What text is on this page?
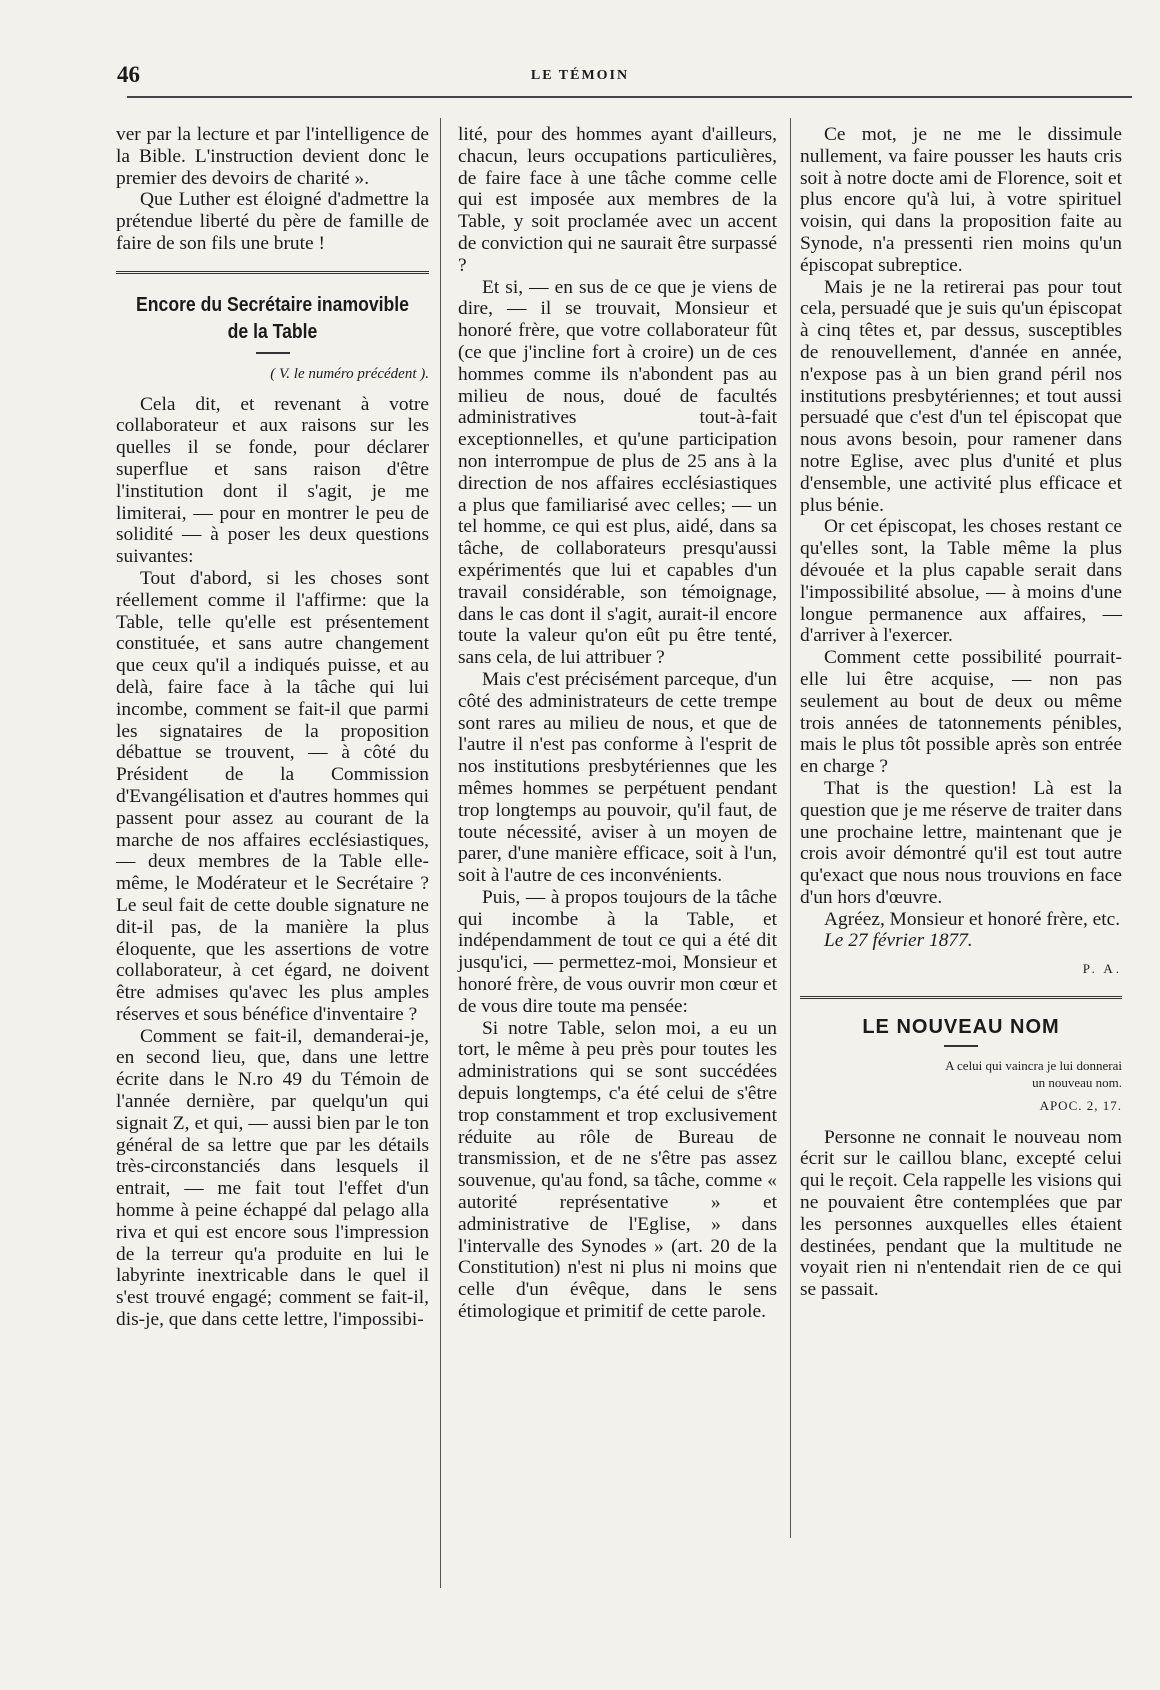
46	LE TÉMOIN

ver par la lecture et par l'intelligence de la Bible. L'instruction devient donc le premier des devoirs de charité ».

Que Luther est éloigné d'admettre la prétendue liberté du père de famille de faire de son fils une brute !

Encore du Secrétaire inamovible
de la Table
( V. le numéro précédent ).

Cela dit, et revenant à votre collaborateur et aux raisons sur les quelles il se fonde, pour déclarer superflue et sans raison d'être l'institution dont il s'agit, je me limiterai, — pour en montrer le peu de solidité — à poser les deux questions suivantes:

Tout d'abord, si les choses sont réellement comme il l'affirme: que la Table, telle qu'elle est présentement constituée, et sans autre changement que ceux qu'il a indiqués puisse, et au delà, faire face à la tâche qui lui incombe, comment se fait-il que parmi les signataires de la proposition débattue se trouvent, — à côté du Président de la Commission d'Evangélisation et d'autres hommes qui passent pour assez au courant de la marche de nos affaires ecclésiastiques, — deux membres de la Table elle-même, le Modérateur et le Secrétaire ? Le seul fait de cette double signature ne dit-il pas, de la manière la plus éloquente, que les assertions de votre collaborateur, à cet égard, ne doivent être admises qu'avec les plus amples réserves et sous bénéfice d'inventaire ?

Comment se fait-il, demanderai-je, en second lieu, que, dans une lettre écrite dans le N.ro 49 du Témoin de l'année dernière, par quelqu'un qui signait Z, et qui, — aussi bien par le ton général de sa lettre que par les détails très-circonstanciés dans lesquels il entrait, — me fait tout l'effet d'un homme à peine échappé dal pelago alla riva et qui est encore sous l'impression de la terreur qu'a produite en lui le labyrinte inextricable dans le quel il s'est trouvé engagé; comment se fait-il, dis-je, que dans cette lettre, l'impossibi-

lité, pour des hommes ayant d'ailleurs, chacun, leurs occupations particulières, de faire face à une tâche comme celle qui est imposée aux membres de la Table, y soit proclamée avec un accent de conviction qui ne saurait être surpassé ?

Et si, — en sus de ce que je viens de dire, — il se trouvait, Monsieur et honoré frère, que votre collaborateur fût (ce que j'incline fort à croire) un de ces hommes comme ils n'abondent pas au milieu de nous, doué de facultés administratives tout-à-fait exceptionnelles, et qu'une participation non interrompue de plus de 25 ans à la direction de nos affaires ecclésiastiques a plus que familiarisé avec celles; — un tel homme, ce qui est plus, aidé, dans sa tâche, de collaborateurs presqu'aussi expérimentés que lui et capables d'un travail considérable, son témoignage, dans le cas dont il s'agit, aurait-il encore toute la valeur qu'on eût pu être tenté, sans cela, de lui attribuer ?

Mais c'est précisément parceque, d'un côté des administrateurs de cette trempe sont rares au milieu de nous, et que de l'autre il n'est pas conforme à l'esprit de nos institutions presbytériennes que les mêmes hommes se perpétuent pendant trop longtemps au pouvoir, qu'il faut, de toute nécessité, aviser à un moyen de parer, d'une manière efficace, soit à l'un, soit à l'autre de ces inconvénients.

Puis, — à propos toujours de la tâche qui incombe à la Table, et indépendamment de tout ce qui a été dit jusqu'ici, — permettez-moi, Monsieur et honoré frère, de vous ouvrir mon cœur et de vous dire toute ma pensée:

Si notre Table, selon moi, a eu un tort, le même à peu près pour toutes les administrations qui se sont succédées depuis longtemps, c'a été celui de s'être trop constamment et trop exclusivement réduite au rôle de Bureau de transmission, et de ne s'être pas assez souvenue, qu'au fond, sa tâche, comme « autorité représentative » et administrative de l'Eglise, » dans l'intervalle des Synodes » (art. 20 de la Constitution) n'est ni plus ni moins que celle d'un évêque, dans le sens étimologique et primitif de cette parole.

Ce mot, je ne me le dissimule nullement, va faire pousser les hauts cris soit à notre docte ami de Florence, soit et plus encore qu'à lui, à votre spirituel voisin, qui dans la proposition faite au Synode, n'a pressenti rien moins qu'un épiscopat subreptice.

Mais je ne la retirerai pas pour tout cela, persuadé que je suis qu'un épiscopat à cinq têtes et, par dessus, susceptibles de renouvellement, d'année en année, n'expose pas à un bien grand péril nos institutions presbytériennes; et tout aussi persuadé que c'est d'un tel épiscopat que nous avons besoin, pour ramener dans notre Eglise, avec plus d'unité et plus d'ensemble, une activité plus efficace et plus bénie.

Or cet épiscopat, les choses restant ce qu'elles sont, la Table même la plus dévouée et la plus capable serait dans l'impossibilité absolue, — à moins d'une longue permanence aux affaires, — d'arriver à l'exercer.

Comment cette possibilité pourrait-elle lui être acquise, — non pas seulement au bout de deux ou même trois années de tatonnements pénibles, mais le plus tôt possible après son entrée en charge ?

That is the question! Là est la question que je me réserve de traiter dans une prochaine lettre, maintenant que je crois avoir démontré qu'il est tout autre qu'exact que nous nous trouvions en face d'un hors d'œuvre.

Agréez, Monsieur et honoré frère, etc.

Le 27 février 1877.

P. A.
LE NOUVEAU NOM

A celui qui vaincra je lui donnerai un nouveau nom.

APOC. 2, 17.

Personne ne connait le nouveau nom écrit sur le caillou blanc, excepté celui qui le reçoit. Cela rappelle les visions qui ne pouvaient être contemplées que par les personnes auxquelles elles étaient destinées, pendant que la multitude ne voyait rien ni n'entendait rien de ce qui se passait.
